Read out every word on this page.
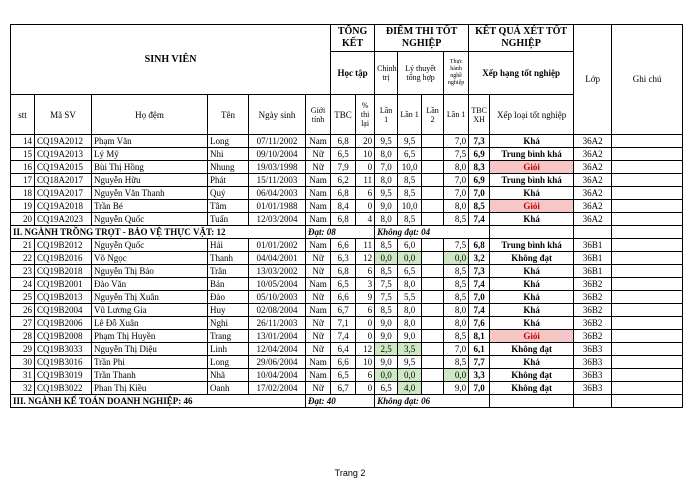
SINH VIÊN						TỔNG KẾT		ĐIỂM THI TỐT NGHIỆP				KẾT QUẢ XÉT TỐT NGHIỆP		Lớp	Ghi chú
						Học tập		Chính trị	Lý thuyết tổng hợp		Thực hành nghề nghiệp	Xếp hạng tốt nghiệp			
stt	Mã SV	Họ đệm	Tên	Ngày sinh	Giới tính	TBC	% thi lại	Lần 1	Lần 1	Lần 2	Lần 1	TBC XH	Xếp loại tốt nghiệp		
14	CQ19A2012	Phạm Văn	Long	07/11/2002	Nam	6,8	20	9,5	9,5		7,0	7,3	Khá	36A2	
15	CQ19A2013	Lý Mỹ	Nhi	09/10/2004	Nữ	6,5	10	8,0	6,5		7,5	6,9	Trung bình khá	36A2	
16	CQ19A2015	Bùi Thị Hồng	Nhung	19/03/1998	Nữ	7,9	0	7,0	10,0		8,0	8,3	Giỏi	36A2	
17	CQ18A2017	Nguyễn Hữu	Phát	15/11/2003	Nam	6,2	11	8,0	8,5		7,0	6,9	Trung bình khá	36A2	
18	CQ19A2017	Nguyễn Văn Thanh	Quý	06/04/2003	Nam	6,8	6	9,5	8,5		7,0	7,0	Khá	36A2	
19	CQ19A2018	Trần Bé	Tâm	01/01/1988	Nam	8,4	0	9,0	10,0		8,0	8,5	Giỏi	36A2	
20	CQ19A2023	Nguyễn Quốc	Tuấn	12/03/2004	Nam	6,8	4	8,0	8,5		8,5	7,4	Khá	36A2	
II. NGÀNH TRỒNG TRỌT - BẢO VỆ THỰC VẬT: 12					Đạt: 08			Không đạt: 04							
21	CQ19B2012	Nguyễn Quốc	Hải	01/01/2002	Nam	6,6	11	8,5	6,0		7,5	6,8	Trung bình khá	36B1	
22	CQ19B2016	Võ Ngọc	Thanh	04/04/2001	Nữ	6,3	12	0,0	0,0		0,0	3,2	Không đạt	36B1	
23	CQ19B2018	Nguyễn Thị Bảo	Trân	13/03/2002	Nữ	6,8	6	8,5	6,5		8,5	7,3	Khá	36B1	
24	CQ19B2001	Đào Văn	Bản	10/05/2004	Nam	6,5	3	7,5	8,0		8,5	7,4	Khá	36B2	
25	CQ19B2013	Nguyễn Thị Xuân	Đào	05/10/2003	Nữ	6,6	9	7,5	5,5		8,5	7,0	Khá	36B2	
26	CQ19B2004	Vũ Lương Gia	Huy	02/08/2004	Nam	6,7	6	8,5	8,0		8,0	7,4	Khá	36B2	
27	CQ19B2006	Lê Đỗ Xuân	Nghi	26/11/2003	Nữ	7,1	0	9,0	8,0		8,0	7,6	Khá	36B2	
28	CQ19B2008	Phạm Thị Huyền	Trang	13/01/2004	Nữ	7,4	0	9,0	9,0		8,5	8,1	Giỏi	36B2	
29	CQ19B3033	Nguyễn Thị Diệu	Linh	12/04/2004	Nữ	6,4	12	2,5	3,5		7,0	6,1	Không đạt	36B3	
30	CQ19B3016	Trần Phi	Long	29/06/2004	Nam	6,6	10	9,0	9,5		8,5	7,7	Khá	36B3	
31	CQ19B3019	Trần Thanh	Nhã	10/04/2004	Nam	6,5	6	0,0	0,0		0,0	3,3	Không đạt	36B3	
32	CQ19B3022	Phan Thị Kiều	Oanh	17/02/2004	Nữ	6,7	0	6,5	4,0		9,0	7,0	Không đạt	36B3	
III. NGÀNH KẾ TOÁN DOANH NGHIỆP: 46					Đạt: 40			Không đạt: 06							
Trang 2
